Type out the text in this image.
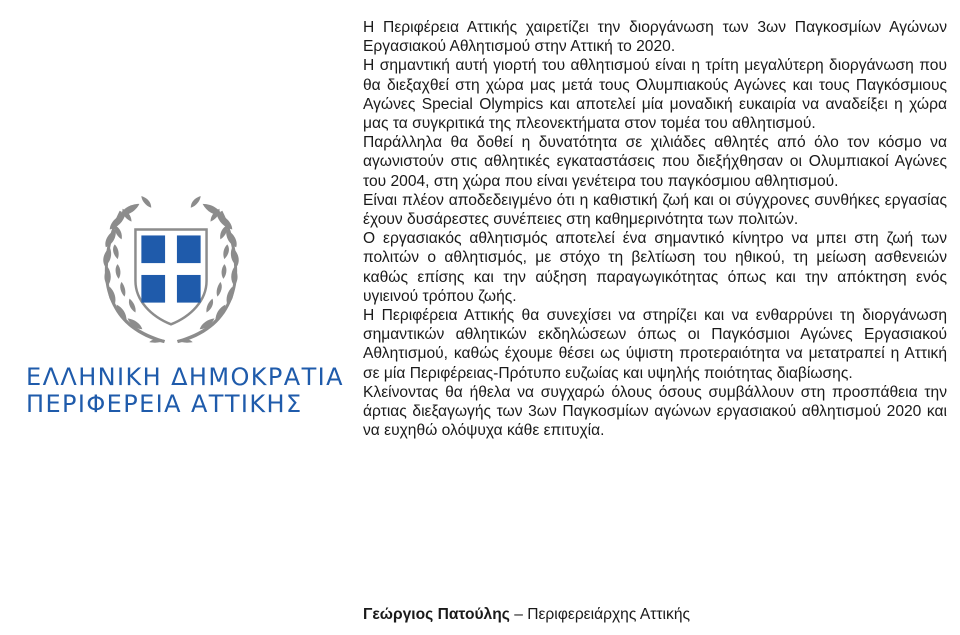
ΕΛΛΗΝΙΚΗ ΔΗΜΟΚΡΑΤΙΑ
ΠΕΡΙΦΕΡΕΙΑ ΑΤΤΙΚΗΣ

Η Περιφέρεια Αττικής χαιρετίζει την διοργάνωση των 3ων Παγκοσμίων Αγώνων Εργασιακού Αθλητισμού στην Αττική το 2020.

Η σημαντική αυτή γιορτή του αθλητισμού είναι η τρίτη μεγαλύτερη διοργάνωση που θα διεξαχθεί στη χώρα μας μετά τους Ολυμπιακούς Αγώνες και τους Παγκόσμιους Αγώνες Special Olympics και αποτελεί μία μοναδική ευκαιρία να αναδείξει η χώρα μας τα συγκριτικά της πλεονεκτήματα στον τομέα του αθλητισμού.

Παράλληλα θα δοθεί η δυνατότητα σε χιλιάδες αθλητές από όλο τον κόσμο να αγωνιστούν στις αθλητικές εγκαταστάσεις που διεξήχθησαν οι Ολυμπιακοί Αγώνες του 2004, στη χώρα που είναι γενέτειρα του παγκόσμιου αθλητισμού.

Είναι πλέον αποδεδειγμένο ότι η καθιστική ζωή και οι σύγχρονες συνθήκες εργασίας έχουν δυσάρεστες συνέπειες στη καθημερινότητα των πολιτών.

Ο εργασιακός αθλητισμός αποτελεί ένα σημαντικό κίνητρο να μπει στη ζωή των πολιτών ο αθλητισμός, με στόχο τη βελτίωση του ηθικού, τη μείωση ασθενειών καθώς επίσης και την αύξηση παραγωγικότητας όπως και την απόκτηση ενός υγιεινού τρόπου ζωής.

Η Περιφέρεια Αττικής θα συνεχίσει να στηρίζει και να ενθαρρύνει τη διοργάνωση σημαντικών αθλητικών εκδηλώσεων όπως οι Παγκόσμιοι Αγώνες Εργασιακού Αθλητισμού, καθώς έχουμε θέσει ως ύψιστη προτεραιότητα να μετατραπεί η Αττική σε μία Περιφέρειας-Πρότυπο ευζωίας και υψηλής ποιότητας διαβίωσης.

Κλείνοντας θα ήθελα να συγχαρώ όλους όσους συμβάλλουν στη προσπάθεια την άρτιας διεξαγωγής των 3ων Παγκοσμίων αγώνων εργασιακού αθλητισμού 2020 και να ευχηθώ ολόψυχα κάθε επιτυχία.

Γεώργιος Πατούλης – Περιφερειάρχης Αττικής
